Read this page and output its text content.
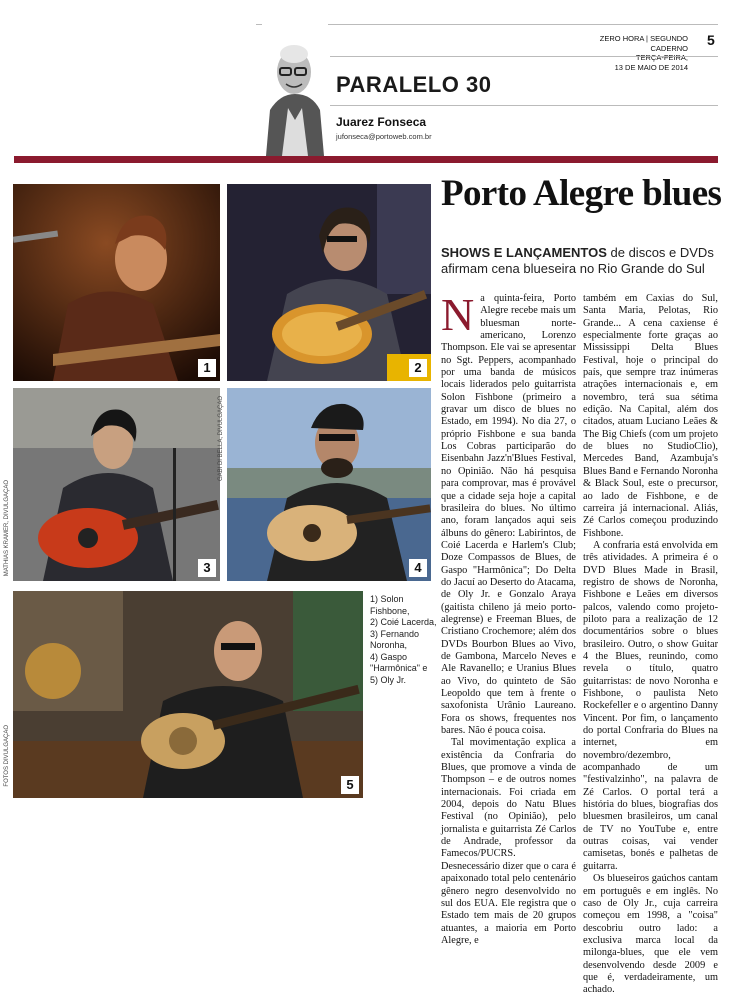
ZERO HORA | SEGUNDO CADERNO
TERÇA-FEIRA,
13 DE MAIO DE 2014
5
PARALELO 30
Juarez Fonseca
jufonseca@portoweb.com.br
1	2
3
MATHIAS KRAMER, DIVULGAÇÃO	4
GABI DI BELLA, DIVULGAÇÃO
5
FOTOS DIVULGAÇÃO
1) Solon
Fishbone,
2) Coié Lacerda,
3) Fernando
Noronha,
4) Gaspo
"Harmônica" e
5) Oly Jr.
Porto Alegre blues
SHOWS E LANÇAMENTOS de discos e DVDs afirmam cena blueseira no Rio Grande do Sul

Na quinta-feira, Porto Alegre recebe mais um bluesman norte-americano, Lorenzo Thompson. Ele vai se apresentar no Sgt. Peppers, acompanhado por uma banda de músicos locais liderados pelo guitarrista Solon Fishbone (primeiro a gravar um disco de blues no Estado, em 1994). No dia 27, o próprio Fishbone e sua banda Los Cobras participarão do Eisenbahn Jazz'n'Blues Festival, no Opinião. Não há pesquisa para comprovar, mas é provável que a cidade seja hoje a capital brasileira do blues. No último ano, foram lançados aqui seis álbuns do gênero: Labirintos, de Coié Lacerda e Harlem's Club; Doze Compassos de Blues, de Gaspo "Harmônica"; Do Delta do Jacuí ao Deserto do Atacama, de Oly Jr. e Gonzalo Araya (gaitista chileno já meio porto-alegrense) e Freeman Blues, de Cristiano Crochemore; além dos DVDs Bourbon Blues ao Vivo, de Gambona, Marcelo Neves e Ale Ravanello; e Uranius Blues ao Vivo, do quinteto de São Leopoldo que tem à frente o saxofonista Urânio Laureano. Fora os shows, frequentes nos bares. Não é pouca coisa.

Tal movimentação explica a existência da Confraria do Blues, que promove a vinda de Thompson – e de outros nomes internacionais. Foi criada em 2004, depois do Natu Blues Festival (no Opinião), pelo jornalista e guitarrista Zé Carlos de Andrade, professor da Famecos/PUCRS. Desnecessário dizer que o cara é apaixonado total pelo centenário gênero negro desenvolvido no sul dos EUA. Ele registra que o Estado tem mais de 20 grupos atuantes, a maioria em Porto Alegre, e

também em Caxias do Sul, Santa Maria, Pelotas, Rio Grande... A cena caxiense é especialmente forte graças ao Mississippi Delta Blues Festival, hoje o principal do país, que sempre traz inúmeras atrações internacionais e, em novembro, terá sua sétima edição. Na Capital, além dos citados, atuam Luciano Leães & The Big Chiefs (com um projeto de blues no StudioClio), Mercedes Band, Azambuja's Blues Band e Fernando Noronha & Black Soul, este o precursor, ao lado de Fishbone, e de carreira já internacional. Aliás, Zé Carlos começou produzindo Fishbone.

A confraria está envolvida em três atividades. A primeira é o DVD Blues Made in Brasil, registro de shows de Noronha, Fishbone e Leães em diversos palcos, valendo como projeto-piloto para a realização de 12 documentários sobre o blues brasileiro. Outro, o show Guitar 4 the Blues, reunindo, como revela o título, quatro guitarristas: de novo Noronha e Fishbone, o paulista Neto Rockefeller e o argentino Danny Vincent. Por fim, o lançamento do portal Confraria do Blues na internet, em novembro/dezembro, acompanhado de um "festivalzinho", na palavra de Zé Carlos. O portal terá a história do blues, biografias dos bluesmen brasileiros, um canal de TV no YouTube e, entre outras coisas, vai vender camisetas, bonés e palhetas de guitarra.

Os blueseiros gaúchos cantam em português e em inglês. No caso de Oly Jr., cuja carreira começou em 1998, a "coisa" descobriu outro lado: a exclusiva marca local da milonga-blues, que ele vem desenvolvendo desde 2009 e que é, verdadeiramente, um achado.
